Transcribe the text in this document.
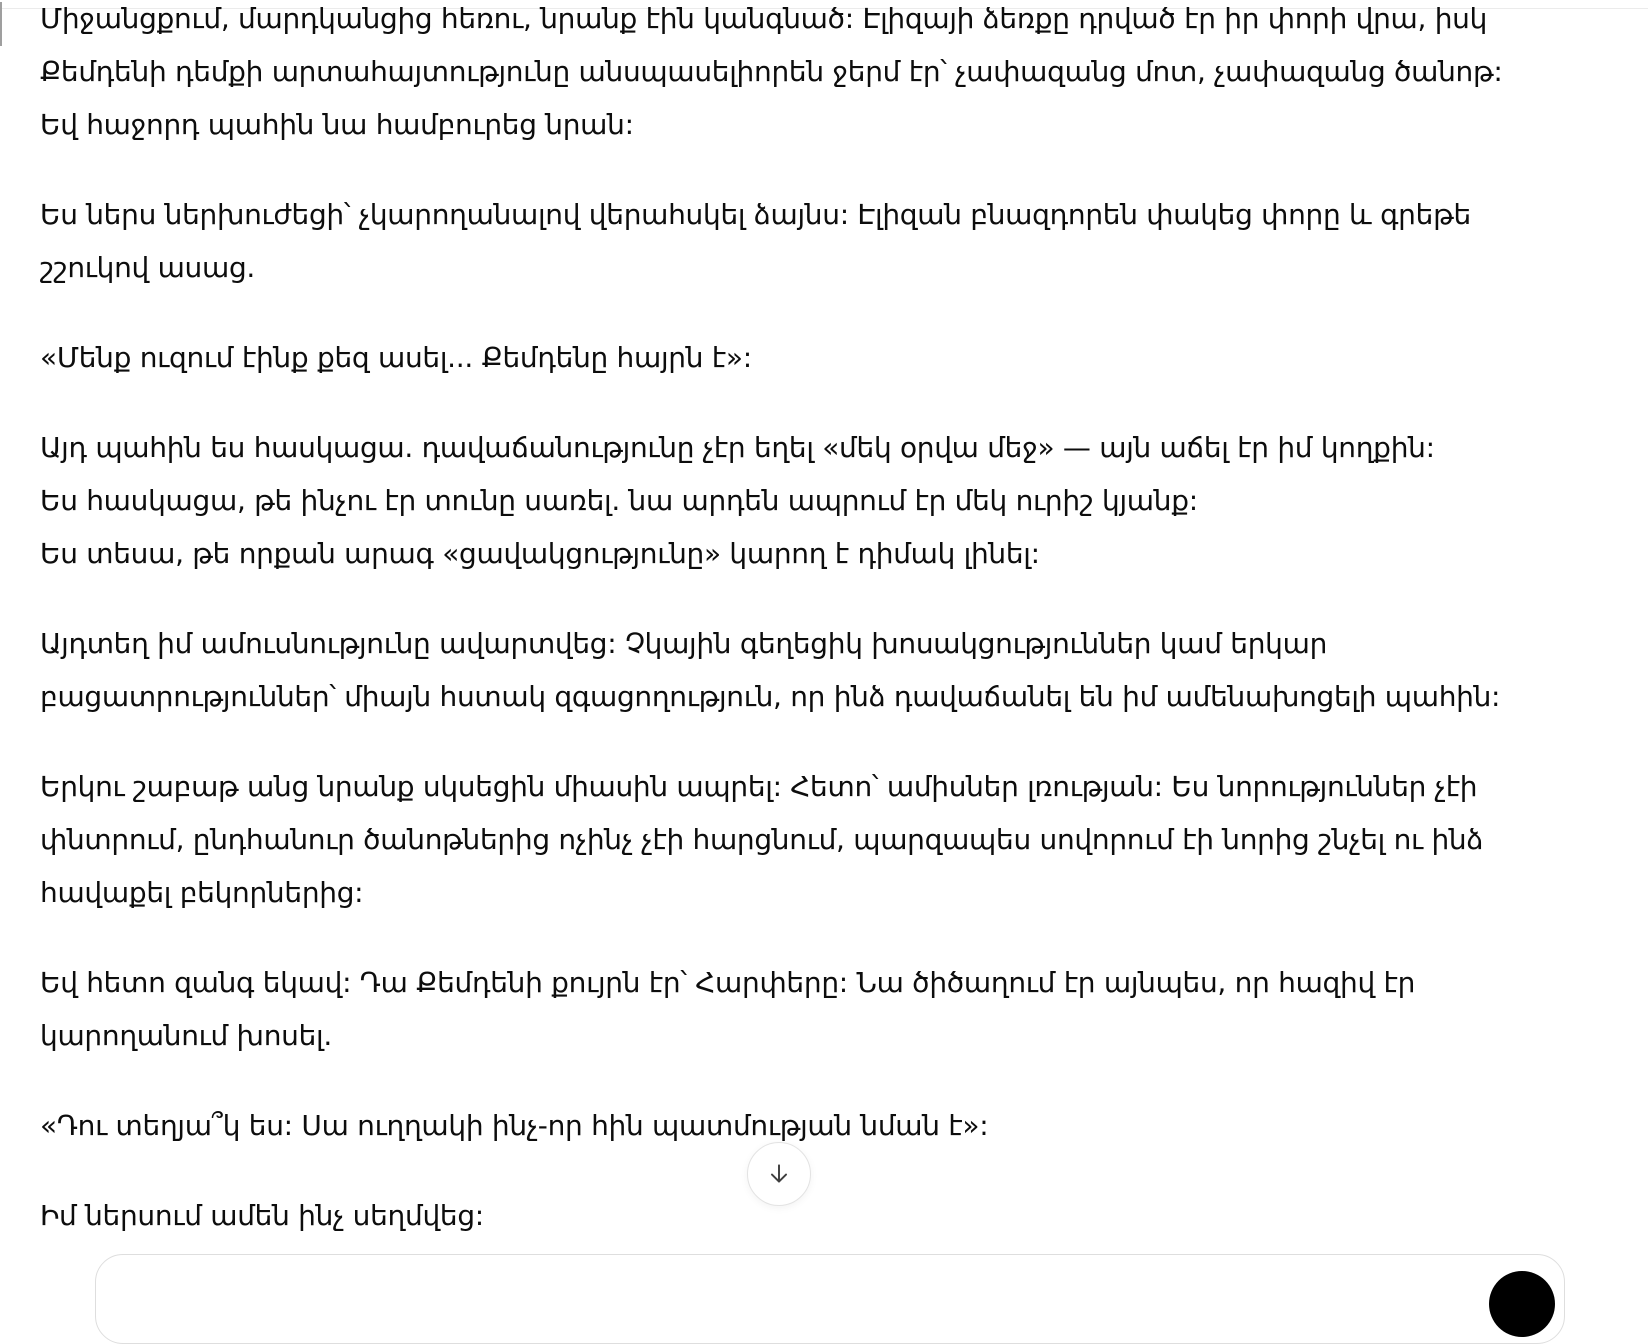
Միջանցքում, մարդկանցից հեռու, նրանք էին կանգնած: Էլիզայի ձեռքը դրված էր իր փորի վրա, իսկ
Քեմդենի դեմքի արտահայտությունը անսպասելիորեն ջերմ էր՝ չափազանց մոտ, չափազանց ծանոթ:
Եվ հաջորդ պահին նա համբուրեց նրան:
Ես ներս ներխուժեցի՝ չկարողանալով վերահսկել ձայնս: Էլիզան բնազդորեն փակեց փորը և գրեթե
շշուկով ասաց.
«Մենք ուզում էինք քեզ ասել... Քեմդենը հայրն է»:
Այդ պահին ես հասկացա. դավաճանությունը չէր եղել «մեկ օրվա մեջ» — այն աճել էր իմ կողքին:
Ես հասկացա, թե ինչու էր տունը սառել. նա արդեն ապրում էր մեկ ուրիշ կյանք:
Ես տեսա, թե որքան արագ «ցավակցությունը» կարող է դիմակ լինել:
Այդտեղ իմ ամուսնությունը ավարտվեց: Չկային գեղեցիկ խոսակցություններ կամ երկար
բացատրություններ՝ միայն հստակ զգացողություն, որ ինձ դավաճանել են իմ ամենախոցելի պահին:
Երկու շաբաթ անց նրանք սկսեցին միասին ապրել: Հետո՝ ամիսներ լռության: Ես նորություններ չէի
փնտրում, ընդհանուր ծանոթներից ոչինչ չէի հարցնում, պարզապես սովորում էի նորից շնչել ու ինձ
հավաքել բեկորներից:
Եվ հետո զանգ եկավ: Դա Քեմդենի քույրն էր՝ Հարփերը: Նա ծիծաղում էր այնպես, որ հազիվ էր
կարողանում խոսել.
«Դու տեղյա՞կ ես: Սա ուղղակի ինչ-որ հին պատմության նման է»:
Իմ ներսում ամեն ինչ սեղմվեց:
